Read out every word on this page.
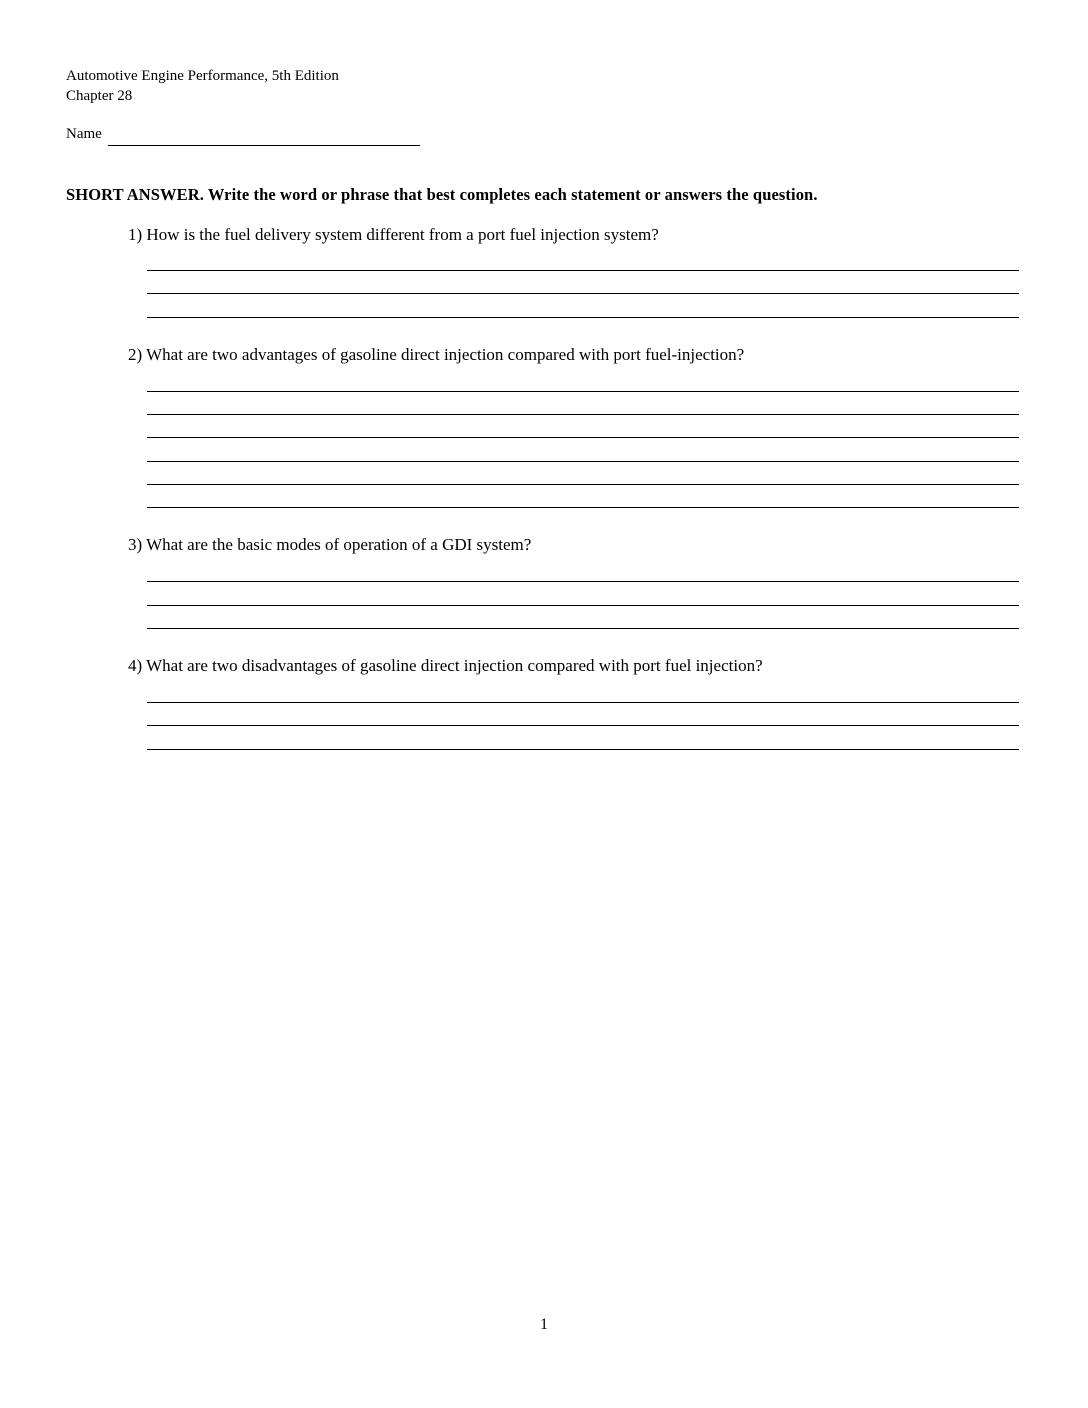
Automotive Engine Performance, 5th Edition
Chapter 28
Name
SHORT ANSWER. Write the word or phrase that best completes each statement or answers the question.
1) How is the fuel delivery system different from a port fuel injection system?
2) What are two advantages of gasoline direct injection compared with port fuel-injection?
3) What are the basic modes of operation of a GDI system?
4) What are two disadvantages of gasoline direct injection compared with port fuel injection?
1
